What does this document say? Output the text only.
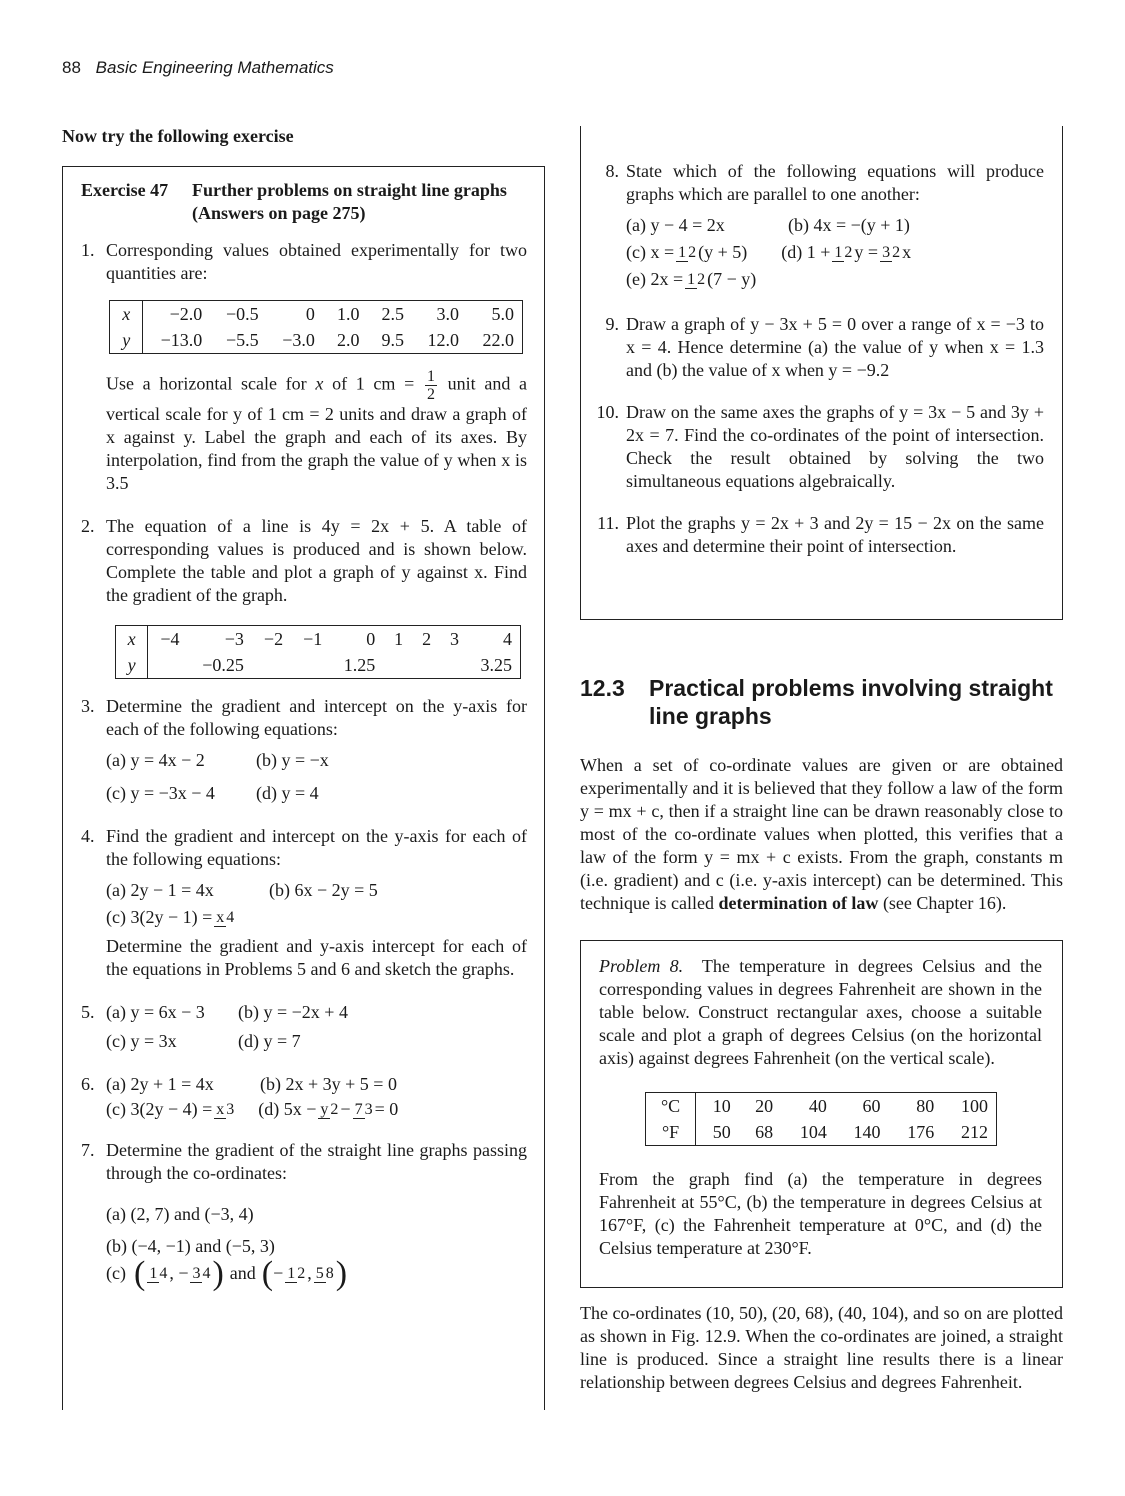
88 Basic Engineering Mathematics
Now try the following exercise
Exercise 47	Further problems on straight line graphs
(Answers on page 275)
1. Corresponding values obtained experimentally for two quantities are:

x	−2.0	−0.5	0	1.0	2.5	3.0	5.0
y	−13.0	−5.5	−3.0	2.0	9.5	12.0	22.0

Use a horizontal scale for x of 1 cm = $\frac{1}{2}$ unit and a vertical scale for y of 1 cm = 2 units and draw a graph of x against y. Label the graph and each of its axes. By interpolation, find from the graph the value of y when x is 3.5

2. The equation of a line is 4y = 2x + 5. A table of corresponding values is produced and is shown below. Complete the table and plot a graph of y against x. Find the gradient of the graph.

x	−4	−3	−2	−1	0	1	2	3	4
y		−0.25			1.25				3.25
3. Determine the gradient and intercept on the y-axis for each of the following equations:

(a) y = 4x − 2	(b) y = −x
(c) y = −3x − 4	(d) y = 4
4. Find the gradient and intercept on the y-axis for each of the following equations:

(a) 2y − 1 = 4x	(b) 6x − 2y = 5
(c) 3(2y − 1) = x 4

Determine the gradient and y-axis intercept for each of the equations in Problems 5 and 6 and sketch the graphs.

5. (a) y = 6x − 3	(b) y = −2x + 4
(c) y = 3x	(d) y = 7
6. (a) 2y + 1 = 4x	(b) 2x + 3y + 5 = 0
(c) 3(2y − 4) = x 3 (d) 5x − y 2 − 7 3 = 0
7. Determine the gradient of the straight line graphs passing through the co-ordinates:

(a) (2, 7) and (−3, 4)
(b) (−4, −1) and (−5, 3)
(c) ( 1 4 , − 3 4 ) and ( − 1 2 , 5 8 )
8. State which of the following equations will produce graphs which are parallel to one another:

(a) y − 4 = 2x	(b) 4x = −(y + 1)
(c) x = 1 2 (y + 5) (d) 1 + 1 2 y = 3 2 x
(e) 2x = 1 2 (7 − y)
9. Draw a graph of y − 3x + 5 = 0 over a range of x = −3 to x = 4. Hence determine (a) the value of y when x = 1.3 and (b) the value of x when y = −9.2

10. Draw on the same axes the graphs of y = 3x − 5 and 3y + 2x = 7. Find the co-ordinates of the point of intersection. Check the result obtained by solving the two simultaneous equations algebraically.

11. Plot the graphs y = 2x + 3 and 2y = 15 − 2x on the same axes and determine their point of intersection.

12.3	Practical problems involving straight line graphs

When a set of co-ordinate values are given or are obtained experimentally and it is believed that they follow a law of the form y = mx + c, then if a straight line can be drawn reasonably close to most of the co-ordinate values when plotted, this verifies that a law of the form y = mx + c exists. From the graph, constants m (i.e. gradient) and c (i.e. y-axis intercept) can be determined. This technique is called determination of law (see Chapter 16).

Problem 8. The temperature in degrees Celsius and the corresponding values in degrees Fahrenheit are shown in the table below. Construct rectangular axes, choose a suitable scale and plot a graph of degrees Celsius (on the horizontal axis) against degrees Fahrenheit (on the vertical scale).

°C	10	20	40	60	80	100
°F	50	68	104	140	176	212

From the graph find (a) the temperature in degrees Fahrenheit at 55°C, (b) the temperature in degrees Celsius at 167°F, (c) the Fahrenheit temperature at 0°C, and (d) the Celsius temperature at 230°F.

The co-ordinates (10, 50), (20, 68), (40, 104), and so on are plotted as shown in Fig. 12.9. When the co-ordinates are joined, a straight line is produced. Since a straight line results there is a linear relationship between degrees Celsius and degrees Fahrenheit.
